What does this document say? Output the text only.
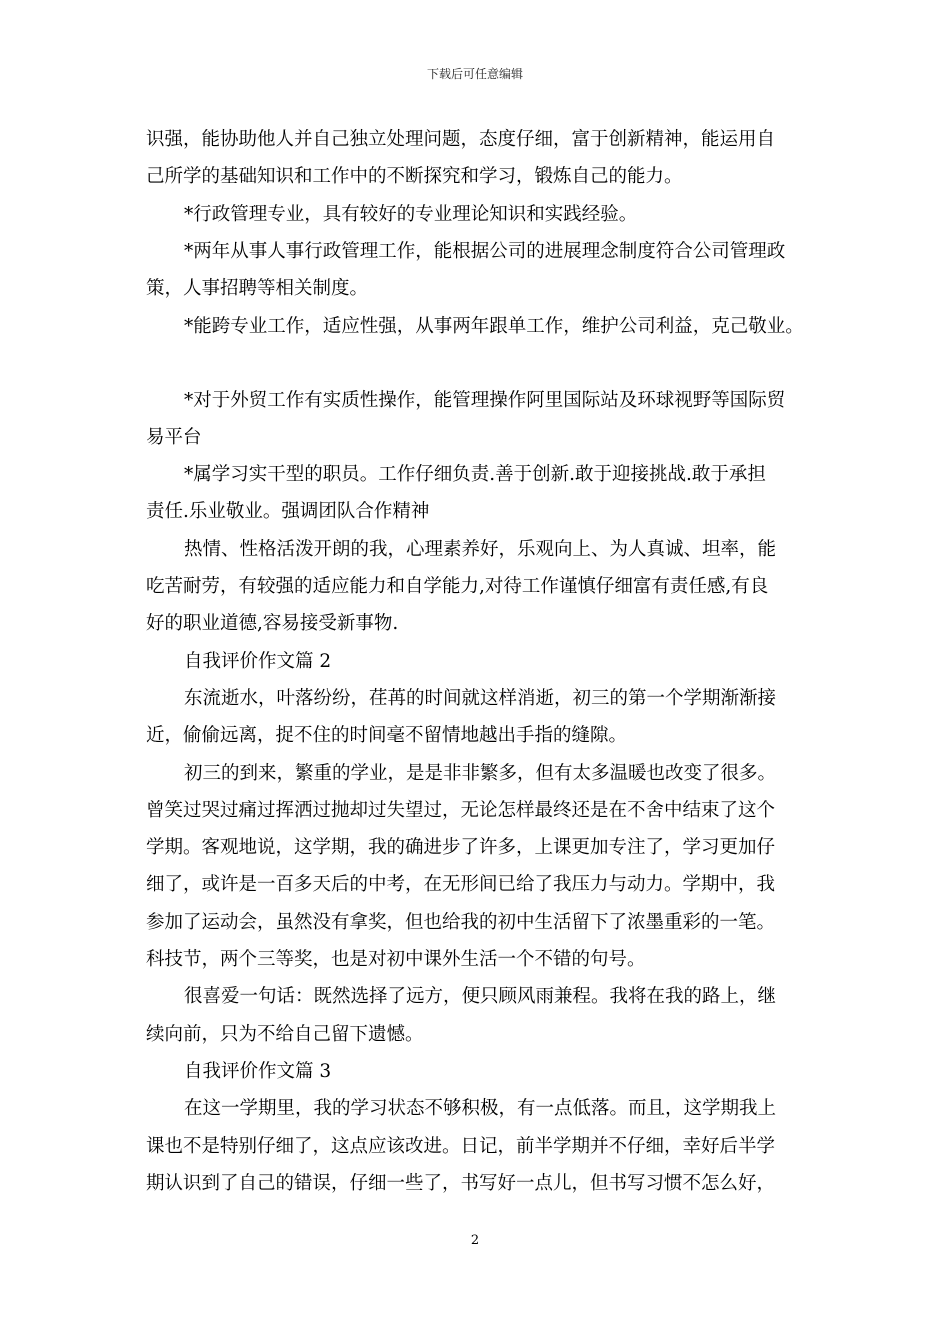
下载后可任意编辑
识强，能协助他人并自己独立处理问题，态度仔细，富于创新精神，能运用自
己所学的基础知识和工作中的不断探究和学习，锻炼自己的能力。
*行政管理专业，具有较好的专业理论知识和实践经验。
*两年从事人事行政管理工作，能根据公司的进展理念制度符合公司管理政
策，人事招聘等相关制度。
*能跨专业工作，适应性强，从事两年跟单工作，维护公司利益，克己敬业。
*对于外贸工作有实质性操作，能管理操作阿里国际站及环球视野等国际贸
易平台
*属学习实干型的职员。工作仔细负责.善于创新.敢于迎接挑战.敢于承担
责任.乐业敬业。强调团队合作精神
热情、性格活泼开朗的我，心理素养好，乐观向上、为人真诚、坦率，能
吃苦耐劳，有较强的适应能力和自学能力,对待工作谨慎仔细富有责任感,有良
好的职业道德,容易接受新事物.
自我评价作文篇 2
东流逝水，叶落纷纷，荏苒的时间就这样消逝，初三的第一个学期渐渐接
近，偷偷远离，捉不住的时间毫不留情地越出手指的缝隙。
初三的到来，繁重的学业，是是非非繁多，但有太多温暖也改变了很多。
曾笑过哭过痛过挥洒过抛却过失望过，无论怎样最终还是在不舍中结束了这个
学期。客观地说，这学期，我的确进步了许多，上课更加专注了，学习更加仔
细了，或许是一百多天后的中考，在无形间已给了我压力与动力。学期中，我
参加了运动会，虽然没有拿奖，但也给我的初中生活留下了浓墨重彩的一笔。
科技节，两个三等奖，也是对初中课外生活一个不错的句号。
很喜爱一句话：既然选择了远方，便只顾风雨兼程。我将在我的路上，继
续向前，只为不给自己留下遗憾。
自我评价作文篇 3
在这一学期里，我的学习状态不够积极，有一点低落。而且，这学期我上
课也不是特别仔细了，这点应该改进。日记，前半学期并不仔细，幸好后半学
期认识到了自己的错误，仔细一些了，书写好一点儿，但书写习惯不怎么好，
2
